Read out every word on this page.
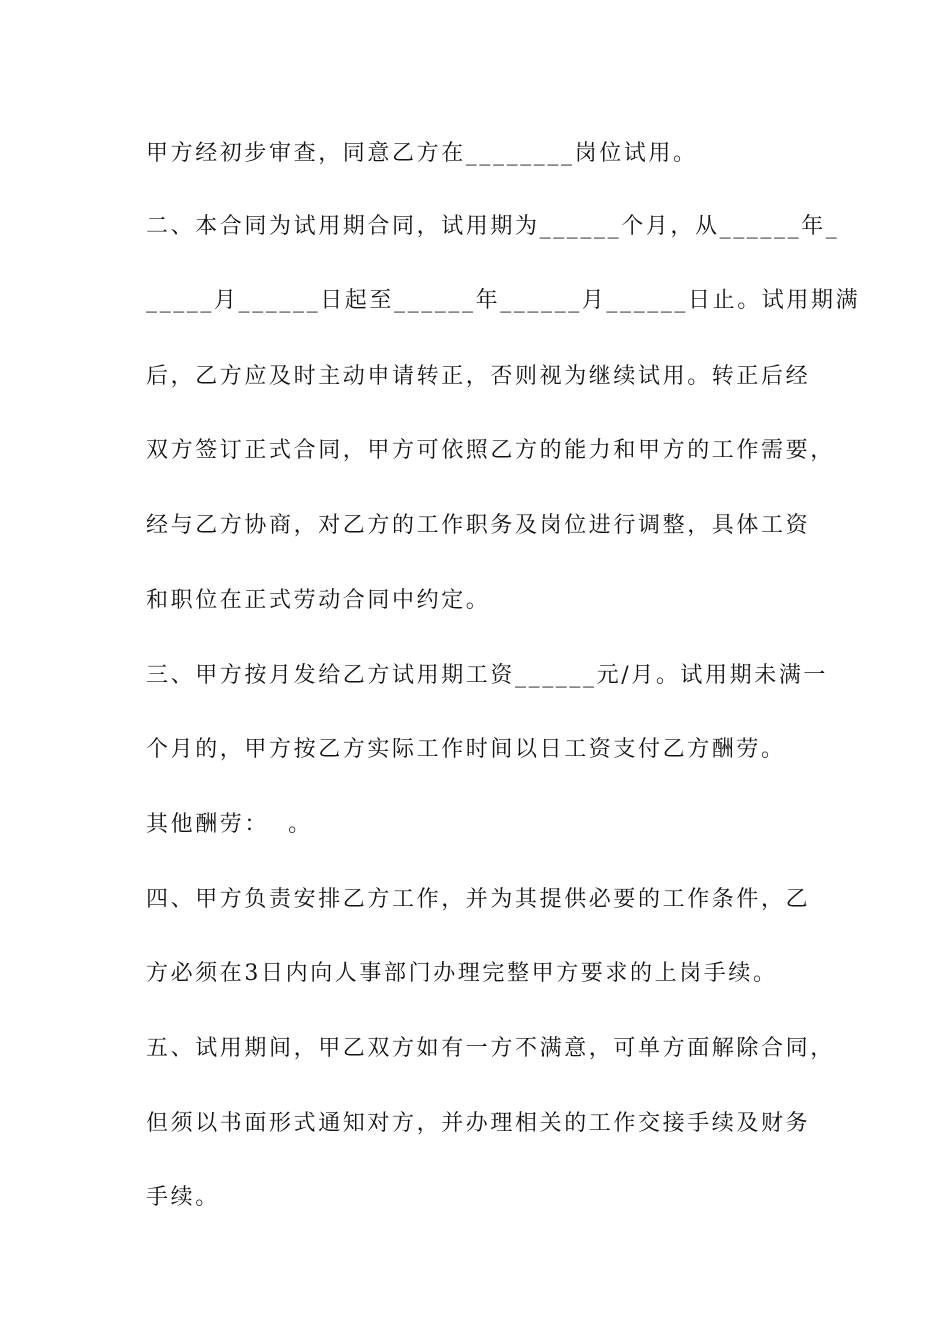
甲方经初步审查，同意乙方在________岗位试用。
二、本合同为试用期合同，试用期为______个月，从______年_
_____月______日起至______年______月______日止。试用期满
后，乙方应及时主动申请转正，否则视为继续试用。转正后经
双方签订正式合同，甲方可依照乙方的能力和甲方的工作需要，
经与乙方协商，对乙方的工作职务及岗位进行调整，具体工资
和职位在正式劳动合同中约定。
三、甲方按月发给乙方试用期工资______元/月。试用期未满一
个月的，甲方按乙方实际工作时间以日工资支付乙方酬劳。
其他酬劳：  。
四、甲方负责安排乙方工作，并为其提供必要的工作条件，乙
方必须在3日内向人事部门办理完整甲方要求的上岗手续。
五、试用期间，甲乙双方如有一方不满意，可单方面解除合同，
但须以书面形式通知对方，并办理相关的工作交接手续及财务
手续。
